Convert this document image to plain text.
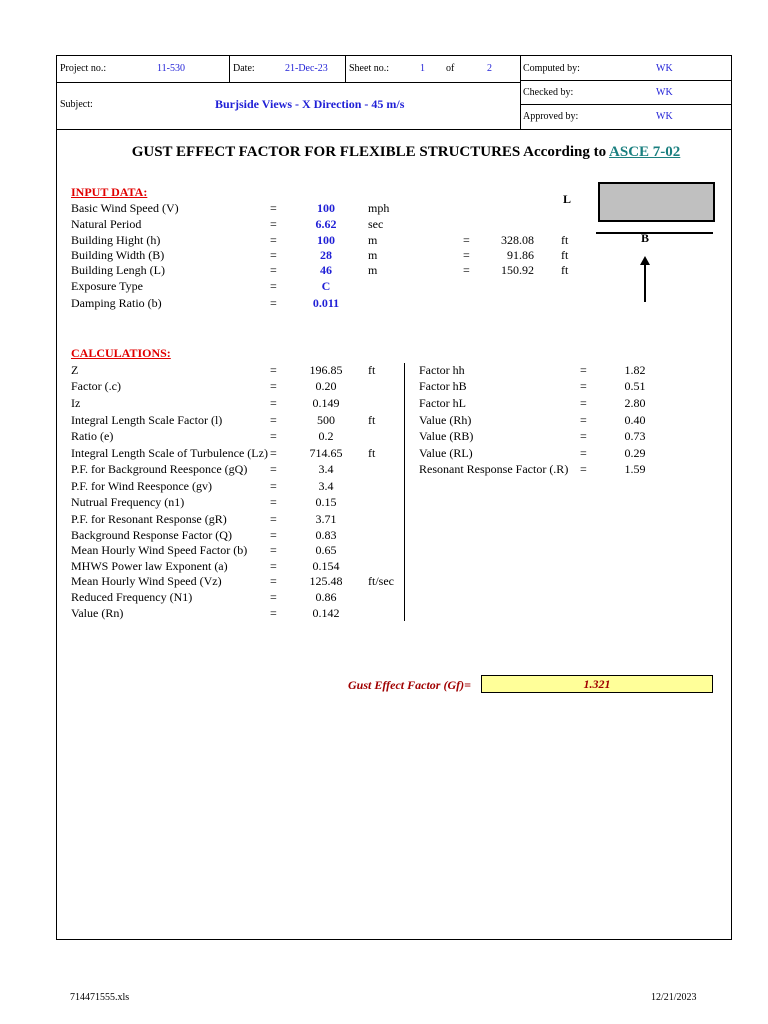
Project no.:	11-530	Date:	21-Dec-23 Sheet no.:	1 of	2	Computed by:	WK
Checked by:	WK
Approved by:	WK
Subject:	Burjside Views - X Direction - 45 m/s
GUST EFFECT FACTOR FOR FLEXIBLE STRUCTURES According to ASCE 7-02
INPUT DATA:
Basic Wind Speed (V)	=	100	mph
Natural Period	=	6.62	sec
Building Hight (h)	=	100	m	=	328.08 ft
Building Width (B)	=	28	m	=	91.86 ft
Building Lengh (L)	=	46	m	=	150.92 ft
Exposure Type	=	C
Damping Ratio (b)	=	0.011
L
B
CALCULATIONS:
Z	=	196.85	ft
Factor (.c)	=	0.20
Iz	=	0.149
Integral Length Scale Factor (l)	=	500	ft
Ratio (e)	=	0.2
Integral Length Scale of Turbulence (Lz) =	714.65	ft
P.F. for Background Reesponce (gQ) =	3.4
P.F. for Wind Reesponce (gv)	=	3.4
Nutrual Frequency (n1)	=	0.15
P.F. for Resonant Response (gR)	=	3.71
Background Response Factor (Q)	=	0.83
Mean Hourly Wind Speed Factor (b) =	0.65
MHWS Power law Exponent (a)	=	0.154
Mean Hourly Wind Speed (Vz)	=	125.48	ft/sec
Reduced Frequency (N1)	=	0.86
Value (Rn)	=	0.142
Factor hh	=	1.82
Factor hB	=	0.51
Factor hL	=	2.80
Value (Rh)	=	0.40
Value (RB)	=	0.73
Value (RL)	=	0.29
Resonant Response Factor (.R) =	1.59
Gust Effect Factor (Gf)=	1.321
714471555.xls	12/21/2023
